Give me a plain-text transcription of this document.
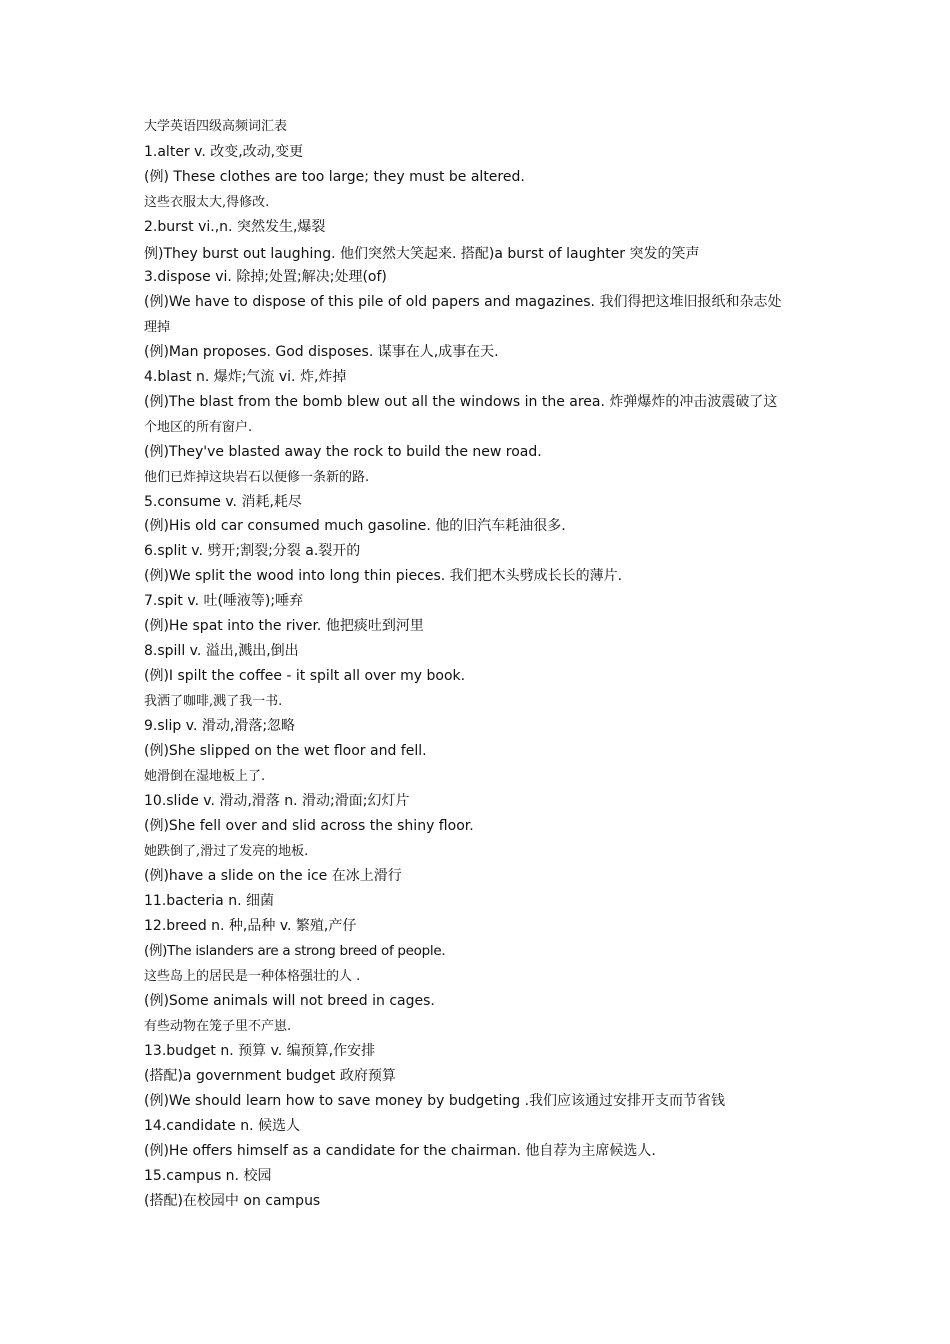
大学英语四级高频词汇表
1.alter v. 改变,改动,变更
(例) These clothes are too large; they must be altered.
这些衣服太大,得修改.
2.burst vi.,n. 突然发生,爆裂
例)They burst out laughing. 他们突然大笑起来. 搭配)a burst of laughter 突发的笑声
3.dispose vi. 除掉;处置;解决;处理(of)
(例)We have to dispose of this pile of old papers and magazines. 我们得把这堆旧报纸和杂志处
理掉
(例)Man proposes. God disposes. 谋事在人,成事在天.
4.blast n. 爆炸;气流 vi. 炸,炸掉
(例)The blast from the bomb blew out all the windows in the area. 炸弹爆炸的冲击波震破了这
个地区的所有窗户.
(例)They've blasted away the rock to build the new road.
他们已炸掉这块岩石以便修一条新的路.
5.consume v. 消耗,耗尽
(例)His old car consumed much gasoline. 他的旧汽车耗油很多.
6.split v. 劈开;割裂;分裂 a.裂开的
(例)We split the wood into long thin pieces. 我们把木头劈成长长的薄片.
7.spit v. 吐(唾液等);唾弃
(例)He spat into the river. 他把痰吐到河里
8.spill v. 溢出,溅出,倒出
(例)I spilt the coffee - it spilt all over my book.
我洒了咖啡,溅了我一书.
9.slip v. 滑动,滑落;忽略
(例)She slipped on the wet floor and fell.
她滑倒在湿地板上了.
10.slide v. 滑动,滑落 n. 滑动;滑面;幻灯片
(例)She fell over and slid across the shiny floor.
她跌倒了,滑过了发亮的地板.
(例)have a slide on the ice 在冰上滑行
11.bacteria n. 细菌
12.breed n. 种,品种 v. 繁殖,产仔
(例)The islanders are a strong breed of people.
这些岛上的居民是一种体格强壮的人 .
(例)Some animals will not breed in cages.
有些动物在笼子里不产崽.
13.budget n. 预算 v. 编预算,作安排
(搭配)a government budget 政府预算
(例)We should learn how to save money by budgeting .我们应该通过安排开支而节省钱
14.candidate n. 候选人
(例)He offers himself as a candidate for the chairman. 他自荐为主席候选人.
15.campus n. 校园
(搭配)在校园中 on campus
